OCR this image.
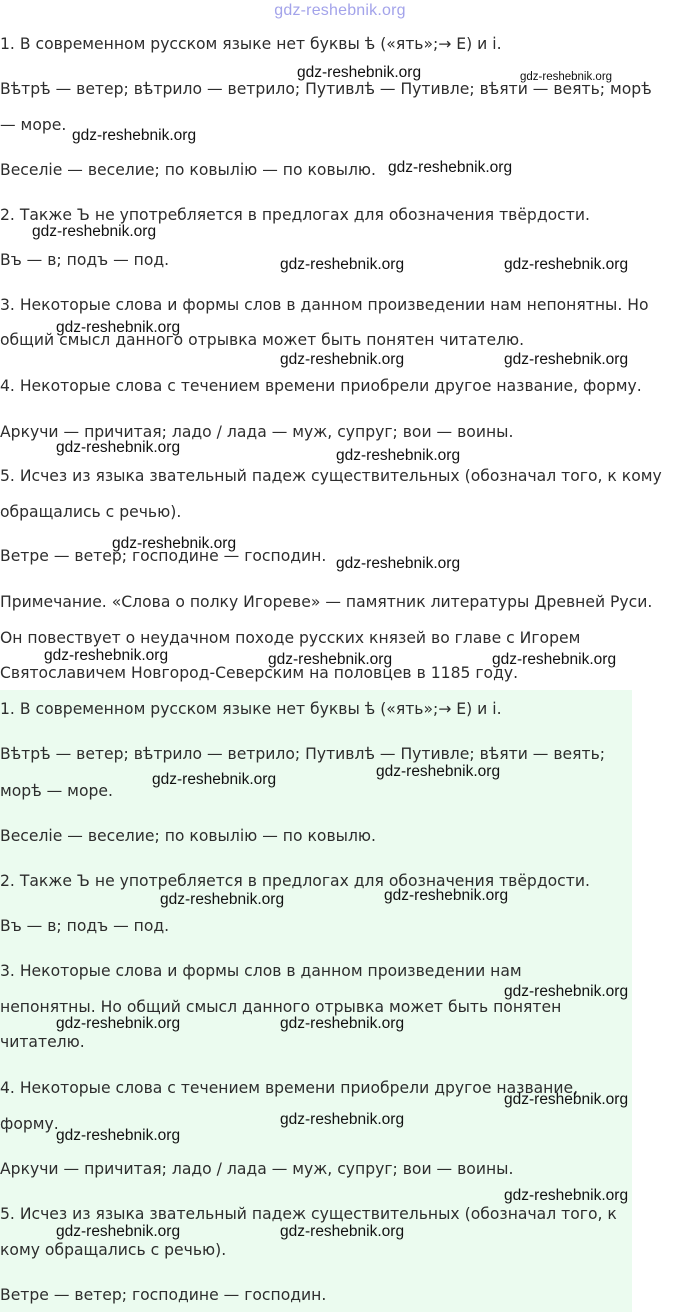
gdz-reshebnik.org
1. В современном русском языке нет буквы ѣ («ять»;→ Е) и і.
Вѣтрѣ — ветер; вѣтрило — ветрило; Путивлѣ — Путивле; вѣяти — веять; морѣ
— море.
Веселіе — веселие; по ковылію — по ковылю.
2. Также Ъ не употребляется в предлогах для обозначения твёрдости.
Въ — в; подъ — под.
3. Некоторые слова и формы слов в данном произведении нам непонятны. Но
общий смысл данного отрывка может быть понятен читателю.
4. Некоторые слова с течением времени приобрели другое название, форму.
Аркучи — причитая; ладо / лада — муж, супруг; вои — воины.
5. Исчез из языка звательный падеж существительных (обозначал того, к кому
обращались с речью).
Ветре — ветер; господине — господин.
Примечание. «Слова о полку Игореве» — памятник литературы Древней Руси.
Он повествует о неудачном походе русских князей во главе с Игорем
Святославичем Новгород-Северским на половцев в 1185 году.
1. В современном русском языке нет буквы ѣ («ять»;→ Е) и і.
Вѣтрѣ — ветер; вѣтрило — ветрило; Путивлѣ — Путивле; вѣяти — веять;
морѣ — море.
Веселіе — веселие; по ковылію — по ковылю.
2. Также Ъ не употребляется в предлогах для обозначения твёрдости.
Въ — в; подъ — под.
3. Некоторые слова и формы слов в данном произведении нам
непонятны. Но общий смысл данного отрывка может быть понятен
читателю.
4. Некоторые слова с течением времени приобрели другое название,
форму.
Аркучи — причитая; ладо / лада — муж, супруг; вои — воины.
5. Исчез из языка звательный падеж существительных (обозначал того, к
кому обращались с речью).
Ветре — ветер; господине — господин.
gdz-reshebnik.org	gdz-reshebnik.org
gdz-reshebnik.org
gdz-reshebnik.org
gdz-reshebnik.org
gdz-reshebnik.org	gdz-reshebnik.org
gdz-reshebnik.org
gdz-reshebnik.org	gdz-reshebnik.org
gdz-reshebnik.org	gdz-reshebnik.org
gdz-reshebnik.org
gdz-reshebnik.org
gdz-reshebnik.org	gdz-reshebnik.org	gdz-reshebnik.org
gdz-reshebnik.org
gdz-reshebnik.org
gdz-reshebnik.org
gdz-reshebnik.org
gdz-reshebnik.org
gdz-reshebnik.org	gdz-reshebnik.org
gdz-reshebnik.org
gdz-reshebnik.org
gdz-reshebnik.org
gdz-reshebnik.org
gdz-reshebnik.org	gdz-reshebnik.org
